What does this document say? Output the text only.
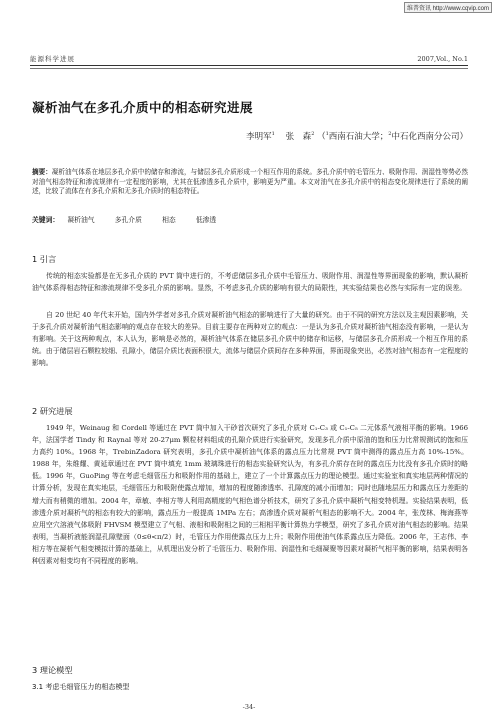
维普资讯 http://www.cqvip.com
能源科学进展	2007,Vol., No.1
凝析油气在多孔介质中的相态研究进展
李明军$^1$ 张　森$^2$ （$^1$西南石油大学；$^2$中石化西南分公司）
摘要：凝析油气体系在地层多孔介质中的储存和渗流，与储层多孔介质形成一个相互作用的系统。多孔介质中的毛管压力、吸附作用、润湿性等势必然对油气相态特征和渗流规律有一定程度的影响，尤其在低渗透多孔介质中，影响更为严重。本文对油气在多孔介质中的相态变化规律进行了系统的阐述，比较了流体在有多孔介质和无多孔介质时的相态特征。
关键词： 凝析油气	多孔介质	相态	低渗透
1 引言
传统的相态实验都是在无多孔介质的 PVT 筒中进行的，不考虑储层多孔介质中毛管压力、吸附作用、润湿性等界面现象的影响，默认凝析油气体系得相态特征和渗流规律不受多孔介质的影响。显然，不考虑多孔介质的影响有很大的局限性，其实验结果也必然与实际有一定的误差。
自 20 世纪 40 年代末开始，国内外学者对多孔介质对凝析油气相态的影响进行了大量的研究。由于不同的研究方法以及主观因素影响，关于多孔介质对凝析油气相态影响的观点存在较大的差异。目前主要存在两种对立的观点：一是认为多孔介质对凝析油气相态没有影响，一是认为有影响。关于这两种观点，本人认为，影响是必然的，凝析油气体系在储层多孔介质中的储存和运移，与储层多孔介质形成一个相互作用的系统。由于储层岩石颗粒较细、孔隙小，储层介质比表面积很大，流体与储层介质间存在多种界面，界面现象突出，必然对油气相态有一定程度的影响。
2 研究进展
1949 年，Weinaug 和 Cordell 等通过在 PVT 筒中加入干砂首次研究了多孔介质对 C₁-C₃ 或 C₁-C₅ 二元体系气液相平衡的影响。1966 年，法国学者 Tindy 和 Raynal 等对 20-27μm 颗粒材料组成的孔隙介质进行实验研究，发现多孔介质中原油的饱和压力比常规测试的饱和压力高约 10%。1968 年，TrebinZadora 研究表明，多孔介质中凝析油气体系的露点压力比常规 PVT 筒中测得的露点压力高 10%-15%。1988 年，朱维耀、黄延章通过在 PVT 筒中填充 1mm 玻璃珠进行的相态实验研究认为，有多孔介质存在时的露点压力比没有多孔介质时的略低。1996 年，GuoPing 等在考虑毛细管压力和吸附作用的基础上，建立了一个计算露点压力的理论模型。通过实验室和真实地层两种情况的计算分析，发现在真实地层，毛细管压力和吸附使露点增加，增加的程度随渗透率、孔隙度的减小而增加；同时也随地层压力和露点压力差距的增大而有稍微的增加。2004 年，章敏、李相方等人利用高精度的气相色谱分析技术，研究了多孔介质中凝析气相变特机理。实验结果表明，低渗透介质对凝析气的相态有较大的影响，露点压力一般提高 1MPa 左右；高渗透介质对凝析气相态的影响不大。2004 年，张茂林、梅海燕等应用空穴溶液气体吸附 FHVSM 模型建立了气相、液相和吸附相之间的三相相平衡计算热力学模型，研究了多孔介质对油气相态的影响。结果表明，当凝析液能润湿孔隙壁面（0≤θ<π/2）时，毛管压力作用使露点压力上升；吸附作用使油气体系露点压力降低。2006 年，王志伟、李相方等在凝析气相变模拟计算的基础上，从机理出发分析了毛管压力、吸附作用、润湿性和毛细凝聚等因素对凝析气相平衡的影响，结果表明各种因素对相变均有不同程度的影响。
3 理论模型
3.1 考虑毛细管压力的相态模型
-34-
